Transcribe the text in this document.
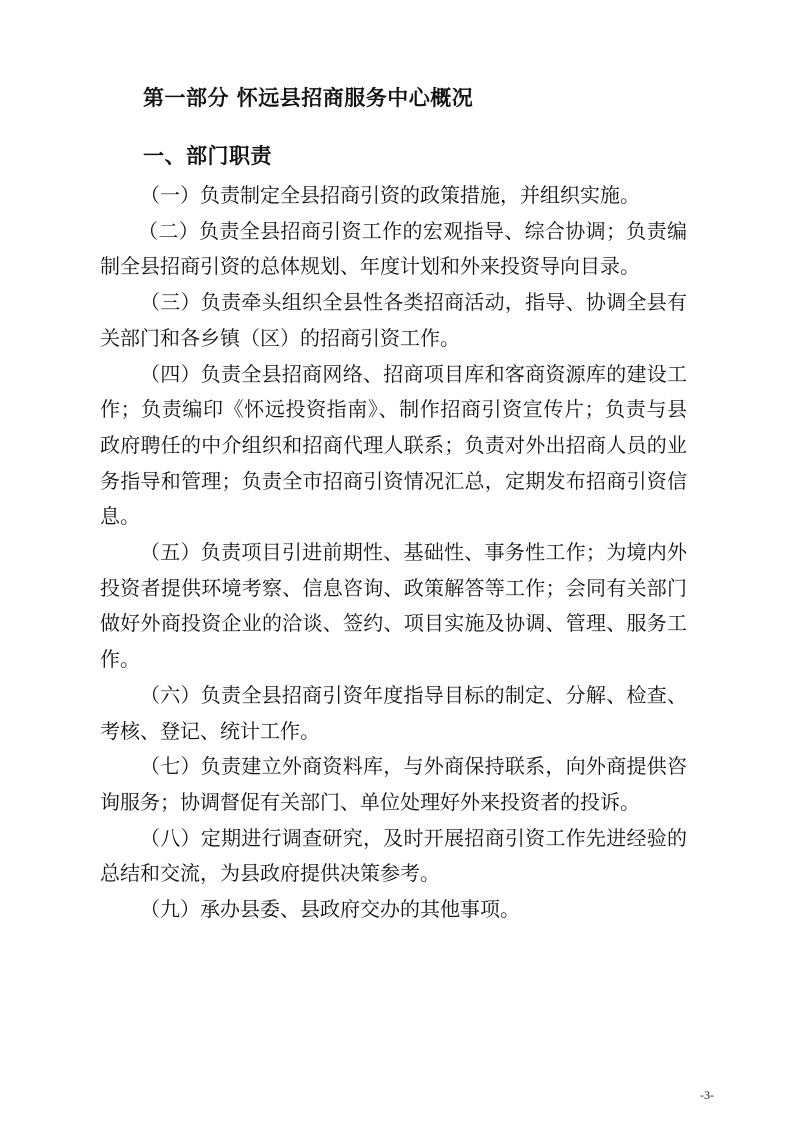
第一部分 怀远县招商服务中心概况
一、部门职责

（一）负责制定全县招商引资的政策措施，并组织实施。

（二）负责全县招商引资工作的宏观指导、综合协调；负责编制全县招商引资的总体规划、年度计划和外来投资导向目录。

（三）负责牵头组织全县性各类招商活动，指导、协调全县有关部门和各乡镇（区）的招商引资工作。

（四）负责全县招商网络、招商项目库和客商资源库的建设工作；负责编印《怀远投资指南》、制作招商引资宣传片；负责与县政府聘任的中介组织和招商代理人联系；负责对外出招商人员的业务指导和管理；负责全市招商引资情况汇总，定期发布招商引资信息。

（五）负责项目引进前期性、基础性、事务性工作；为境内外投资者提供环境考察、信息咨询、政策解答等工作；会同有关部门做好外商投资企业的洽谈、签约、项目实施及协调、管理、服务工作。

（六）负责全县招商引资年度指导目标的制定、分解、检查、考核、登记、统计工作。

（七）负责建立外商资料库，与外商保持联系，向外商提供咨询服务；协调督促有关部门、单位处理好外来投资者的投诉。

（八）定期进行调查研究，及时开展招商引资工作先进经验的总结和交流，为县政府提供决策参考。

（九）承办县委、县政府交办的其他事项。

-3-
